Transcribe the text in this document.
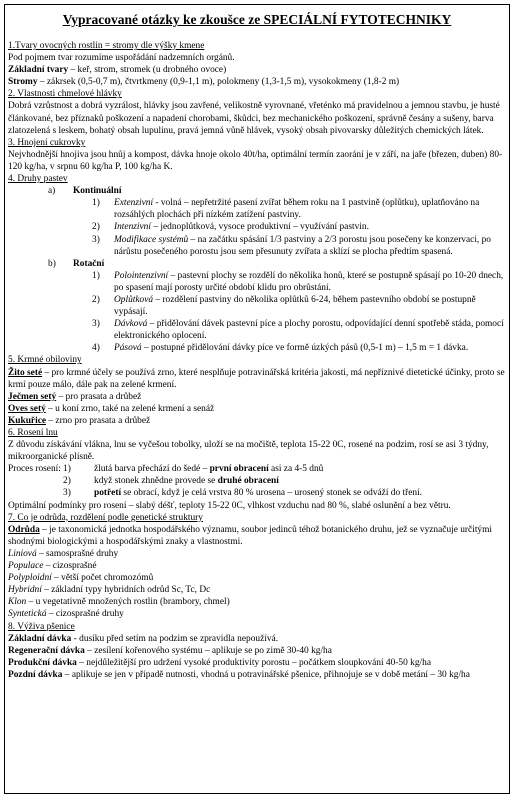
Vypracované otázky ke zkoušce ze SPECIÁLNÍ FYTOTECHNIKY
1.Tvary ovocných rostlin = stromy dle výšky kmene
Pod pojmem tvar rozumíme uspořádání nadzemních orgánů.
Základní tvary – keř, strom, stromek (u drobného ovoce)
Stromy – zákrsek (0,5-0,7 m), čtvrtkmeny (0,9-1,1 m), polokmeny (1,3-1,5 m), vysokokmeny (1,8-2 m)
2. Vlastnosti chmelové hlávky
Dobrá vzrůstnost a dobrá vyzrálost, hlávky jsou zavřené, velikostně vyrovnané, vřeténko má pravidelnou a jemnou stavbu, je husté článkované, bez příznaků poškození a napadení chorobami, škůdci, bez mechanického poškození, správně česány a sušeny, barva zlatozelená s leskem, bohatý obsah lupulinu, pravá jemná vůně hlávek, vysoký obsah pivovarsky důležitých chemických látek.
3. Hnojení cukrovky
Nejvhodnější hnojiva jsou hnůj a kompost, dávka hnoje okolo 40t/ha, optimální termín zaorání je v září, na jaře (březen, duben) 80-120 kg/ha, v srpnu 60 kg/ha P, 100 kg/ha K.
4. Druhy pastev
a) Kontinuální
1) Extenzivní - volná – nepřetržité pasení zvířat během roku na 1 pastvině (oplůtku), uplatňováno na rozsáhlých plochách při nízkém zatížení pastviny.
2) Intenzivní – jednoplůtková, vysoce produktivní – využívání pastvin.
3) Modifikace systémů – na začátku spásání 1/3 pastviny a 2/3 porostu jsou posečeny ke konzervaci, po nárůstu posečeného porostu jsou sem přesunuty zvířata a sklízí se plocha předtím spasená.
b) Rotační
1) Polointenzivní – pastevní plochy se rozdělí do několika honů, které se postupně spásají po 10-20 dnech, po spasení mají porosty určité období klidu pro obrůstání.
2) Oplůtková – rozdělení pastviny do několika oplůtků 6-24, během pastevního období se postupně vypásají.
3) Dávková – přidělování dávek pastevní píce a plochy porostu, odpovídající denní spotřebě stáda, pomocí elektronického oplocení.
4) Pásová – postupné přidělování dávky píce ve formě úzkých pásů (0,5-1 m) – 1,5 m = 1 dávka.
5. Krmné obiloviny
Žito seté – pro krmné účely se používá zrno, které nesplňuje potravinářská kritéria jakosti, má nepříznivé dietetické účinky, proto se krmí pouze málo, dále pak na zelené krmení.
Ječmen setý – pro prasata a drůbež
Oves setý – u koní zrno, také na zelené krmení a senáž
Kukuřice – zrno pro prasata a drůbež
6. Rosení lnu
Z důvodu získávání vlákna, lnu se vyčešou tobolky, uloží se na močiště, teplota 15-22 0C, rosené na podzim, rosí se asi 3 týdny, mikroorganické plísně.
Proces rosení: 1) žlutá barva přechází do šedé – první obracení asi za 4-5 dnů
2) když stonek zhnědne provede se druhé obracení
3) potřetí se obrací, když je celá vrstva 80 % urosena – urosený stonek se odváží do tření.
Optimální podmínky pro rosení – slabý déšť, teploty 15-22 0C, vlhkost vzduchu nad 80 %, slabé oslunění a bez větru.
7. Co je odrůda, rozdělení podle genetické struktury
Odrůda – je taxonomická jednotka hospodářského významu, soubor jedinců téhož botanického druhu, jež se vyznačuje určitými shodnými biologickými a hospodářskými znaky a vlastnostmi.
Liniová – samosprašné druhy
Populace – cizosprašné
Polyploidní – větší počet chromozómů
Hybridní – základní typy hybridních odrůd Sc, Tc, Dc
Klon – u vegetativně množených rostlin (brambory, chmel)
Syntetická – cizosprašné druhy
8. Výživa pšenice
Základní dávka - dusíku před setím na podzim se zpravidla nepoužívá.
Regenerační dávka – zesílení kořenového systému – aplikuje se po zimě 30-40 kg/ha
Produkční dávka – nejdůležitější pro udržení vysoké produktivity porostu – počátkem sloupkování 40-50 kg/ha
Pozdní dávka – aplikuje se jen v případě nutnosti, vhodná u potravinářské pšenice, přihnojuje se v době metání – 30 kg/ha
